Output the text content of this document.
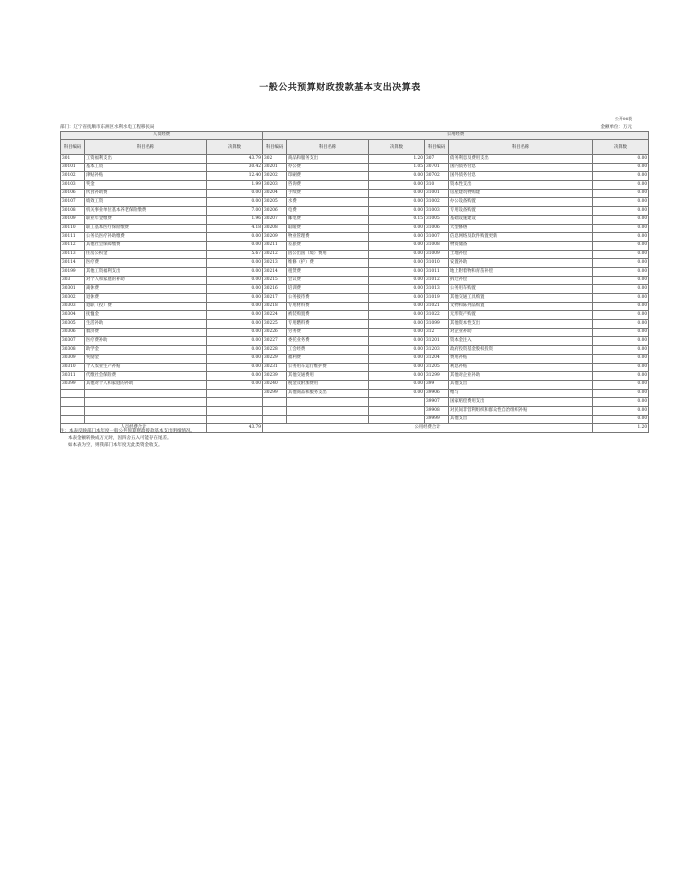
一般公共预算财政拨款基本支出决算表
公开06表
部门：辽宁省抚顺市东洲区水利水电工程移民局	金额单位：万元
人员经费			公用经费					
科目编码	科目名称	决算数	科目编码	科目名称	决算数	科目编码	科目名称	决算数
301	工资福利支出	43.79	302	商品和服务支出	1.20	307	债务利息及费用支出	0.00
30101	基本工资	30.42	30201	办公费	1.05	30701	国内债务付息	0.00
30102	津贴补贴	12.40	30202	印刷费	0.00	30702	国外债务付息	0.00
30103	奖金	1.99	30203	咨询费	0.00	310	资本性支出	0.00
30106	伙食补助费	0.00	30204	手续费	0.00	31001	房屋建筑物购建	0.00
30107	绩效工资	0.00	30205	水费	0.00	31002	办公设备购置	0.00
30108	机关事业单位基本养老保险缴费	7.00	30206	电费	0.00	31003	专用设备购置	0.00
30109	职业年金缴费	1.96	30207	邮电费	0.15	31005	基础设施建设	0.00
30110	职工基本医疗保险缴费	4.18	30208	取暖费	0.00	31006	大型修缮	0.00
30111	公务员医疗补助缴费	0.00	30209	物业管理费	0.00	31007	信息网络及软件购置更新	0.00
30112	其他社会保障缴费	0.00	30211	差旅费	0.00	31008	物资储备	0.00
30113	住房公积金	5.67	30212	因公出国（境）费用	0.00	31009	土地补偿	0.00
30114	医疗费	0.00	30213	维修（护）费	0.00	31010	安置补助	0.00
30199	其他工资福利支出	0.00	30214	租赁费	0.00	31011	地上附着物和青苗补偿	0.00
303	对个人和家庭的补助	0.00	30215	会议费	0.00	31012	拆迁补偿	0.00
30301	离休费	0.00	30216	培训费	0.00	31013	公务用车购置	0.00
30302	退休费	0.00	30217	公务接待费	0.00	31019	其他交通工具购置	0.00
30303	退职（役）费	0.00	30218	专用材料费	0.00	31021	文物和陈列品购置	0.00
30304	抚恤金	0.00	30224	被装购置费	0.00	31022	无形资产购置	0.00
30305	生活补助	0.00	30225	专用燃料费	0.00	31099	其他资本性支出	0.00
30306	救济费	0.00	30226	劳务费	0.00	312	对企业补助	0.00
30307	医疗费补助	0.00	30227	委托业务费	0.00	31201	资本金注入	0.00
30308	助学金	0.00	30228	工会经费	0.00	31203	政府投资基金股权投资	0.00
30309	奖励金	0.00	30229	福利费	0.00	31204	费用补贴	0.00
30310	个人农业生产补贴	0.00	30231	公务用车运行维护费	0.00	31205	利息补贴	0.00
30311	代缴社会保险费	0.00	30239	其他交通费用	0.00	31299	其他对企业补助	0.00
30399	其他对个人和家庭的补助	0.00	30240	税金及附加费用	0.00	399	其他支出	0.00
			30299	其他商品和服务支出	0.00	39906	赠与	0.00
						39907	国家赔偿费用支出	0.00
						39908	对民间非营利组织和群众性自治组织补贴	0.00
						39999	其他支出	0.00
人员经费合计		43.79	公用经费合计					1.20
注：本表反映部门本年度一般公共预算财政拨款基本支出明细情况。
本表金额转换成万元时，因四舍五入可能存在尾差。
如本表为空，则我部门本年度无此类资金收支。
